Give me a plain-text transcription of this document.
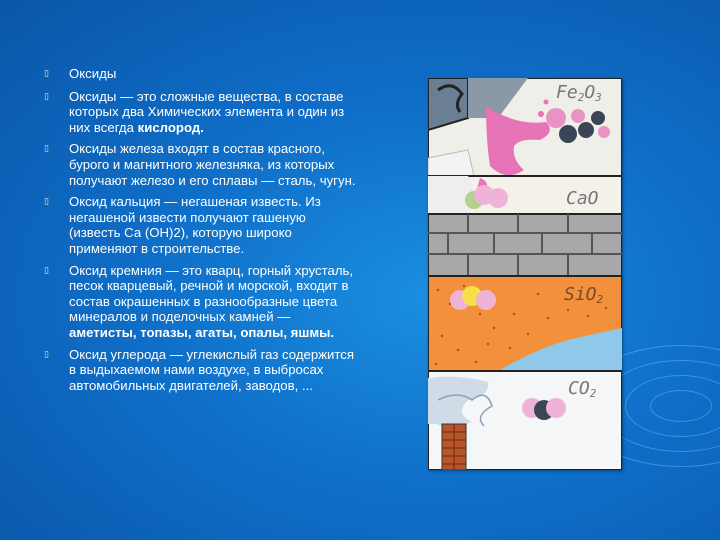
▯	Оксиды
▯	Оксиды — это сложные вещества, в составе которых два Химических элемента и один из них всегда кислород.
▯	Оксиды железа входят в состав красного, бурого и магнитного железняка, из которых получают железо и его сплавы — сталь, чугун.
▯	Оксид кальция — негашеная известь. Из негашеной извести получают гашеную (известь Са (ОН)2), которую широко применяют в строительстве.
▯	Оксид кремния — это кварц, горный хрусталь, песок кварцевый, речной и морской, входит в состав окрашенных в разнообразные цвета минералов и поделочных камней — аметисты, топазы, агаты, опалы, яшмы.
▯	Оксид углерода — углекислый газ содержится в выдыхаемом нами воздухе, в выбросах автомобильных двигателей, заводов, ...
Fe2O3
CaO
SiO2
CO2
